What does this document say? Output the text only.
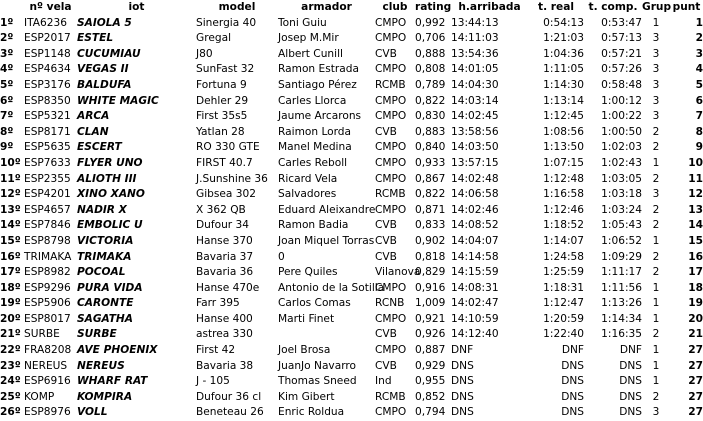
	nº vela	iot	model	armador	club	rating	h.arribada	t. real	t. comp.	Grup	punt
1º	ITA6236	SAIOLA 5	Sinergia 40	Toni Guiu	CMPO	0,992	13:44:13	0:54:13	0:53:47	1	1
2º	ESP2017	ESTEL	Gregal	Josep M.Mir	CMPO	0,706	14:11:03	1:21:03	0:57:13	3	2
3º	ESP1148	CUCUMIAU	J80	Albert Cunill	CVB	0,888	13:54:36	1:04:36	0:57:21	3	3
4º	ESP4634	VEGAS II	SunFast 32	Ramon Estrada	CMPO	0,808	14:01:05	1:11:05	0:57:26	3	4
5º	ESP3176	BALDUFA	Fortuna 9	Santiago Pérez	RCMB	0,789	14:04:30	1:14:30	0:58:48	3	5
6º	ESP8350	WHITE MAGIC	Dehler 29	Carles Llorca	CMPO	0,822	14:03:14	1:13:14	1:00:12	3	6
7º	ESP5321	ARCA	First 35s5	Jaume Arcarons	CMPO	0,830	14:02:45	1:12:45	1:00:22	3	7
8º	ESP8171	CLAN	Yatlan 28	Raimon Lorda	CVB	0,883	13:58:56	1:08:56	1:00:50	2	8
9º	ESP5635	ESCERT	RO 330 GTE	Manel Medina	CMPO	0,840	14:03:50	1:13:50	1:02:03	2	9
10º	ESP7633	FLYER UNO	FIRST 40.7	Carles Reboll	CMPO	0,933	13:57:15	1:07:15	1:02:43	1	10
11º	ESP2355	ALIOTH III	J.Sunshine 36	Ricard Vela	CMPO	0,867	14:02:48	1:12:48	1:03:05	2	11
12º	ESP4201	XINO XANO	Gibsea 302	Salvadores	RCMB	0,822	14:06:58	1:16:58	1:03:18	3	12
13º	ESP4657	NADIR X	X 362 QB	Eduard Aleixandre	CMPO	0,871	14:02:46	1:12:46	1:03:24	2	13
14º	ESP7846	EMBOLIC U	Dufour 34	Ramon Badia	CVB	0,833	14:08:52	1:18:52	1:05:43	2	14
15º	ESP8798	VICTORIA	Hanse 370	Joan Miquel Torras	CVB	0,902	14:04:07	1:14:07	1:06:52	1	15
16º	TRIMAKA	TRIMAKA	Bavaria 37	0	CVB	0,818	14:14:58	1:24:58	1:09:29	2	16
17º	ESP8982	POCOAL	Bavaria 36	Pere Quiles	Vilanova	0,829	14:15:59	1:25:59	1:11:17	2	17
18º	ESP9296	PURA VIDA	Hanse 470e	Antonio de la Sotilla	CMPO	0,916	14:08:31	1:18:31	1:11:56	1	18
19º	ESP5906	CARONTE	Farr 395	Carlos Comas	RCNB	1,009	14:02:47	1:12:47	1:13:26	1	19
20º	ESP8017	SAGATHA	Hanse 400	Marti Finet	CMPO	0,921	14:10:59	1:20:59	1:14:34	1	20
21º	SURBE	SURBE	astrea 330		CVB	0,926	14:12:40	1:22:40	1:16:35	2	21
22º	FRA8208	AVE PHOENIX	First 42	Joel Brosa	CMPO	0,887	DNF	DNF	DNF	1	27
23º	NEREUS	NEREUS	Bavaria 38	JuanJo Navarro	CVB	0,929	DNS	DNS	DNS	1	27
24º	ESP6916	WHARF RAT	J - 105	Thomas Sneed	Ind	0,955	DNS	DNS	DNS	1	27
25º	KOMP	KOMPIRA	Dufour 36 cl	Kim Gibert	RCMB	0,852	DNS	DNS	DNS	2	27
26º	ESP8976	VOLL	Beneteau 26	Enric Roldua	CMPO	0,794	DNS	DNS	DNS	3	27
